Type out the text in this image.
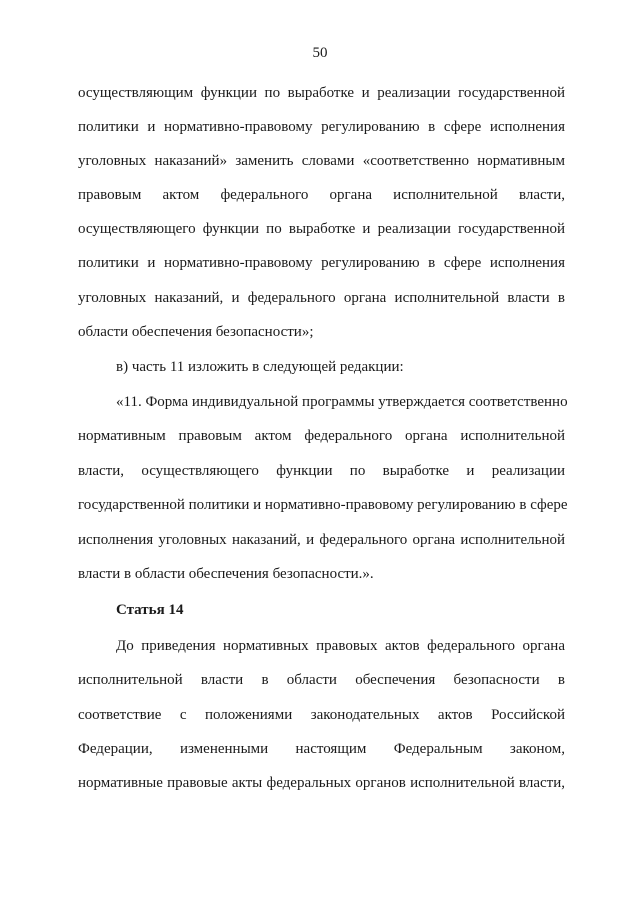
50
осуществляющим функции по выработке и реализации государственной
политики и нормативно-правовому регулированию в сфере исполнения
уголовных наказаний» заменить словами «соответственно нормативным
правовым актом федерального органа исполнительной власти,
осуществляющего функции по выработке и реализации государственной
политики и нормативно-правовому регулированию в сфере исполнения
уголовных наказаний, и федерального органа исполнительной власти в
области обеспечения безопасности»;
в) часть 11 изложить в следующей редакции:
«11. Форма индивидуальной программы утверждается соответственно
нормативным правовым актом федерального органа исполнительной
власти, осуществляющего функции по выработке и реализации
государственной политики и нормативно-правовому регулированию в сфере
исполнения уголовных наказаний, и федерального органа исполнительной
власти в области обеспечения безопасности.».
Статья 14
До приведения нормативных правовых актов федерального органа
исполнительной власти в области обеспечения безопасности в
соответствие с положениями законодательных актов Российской
Федерации, измененными настоящим Федеральным законом,
нормативные правовые акты федеральных органов исполнительной власти,
